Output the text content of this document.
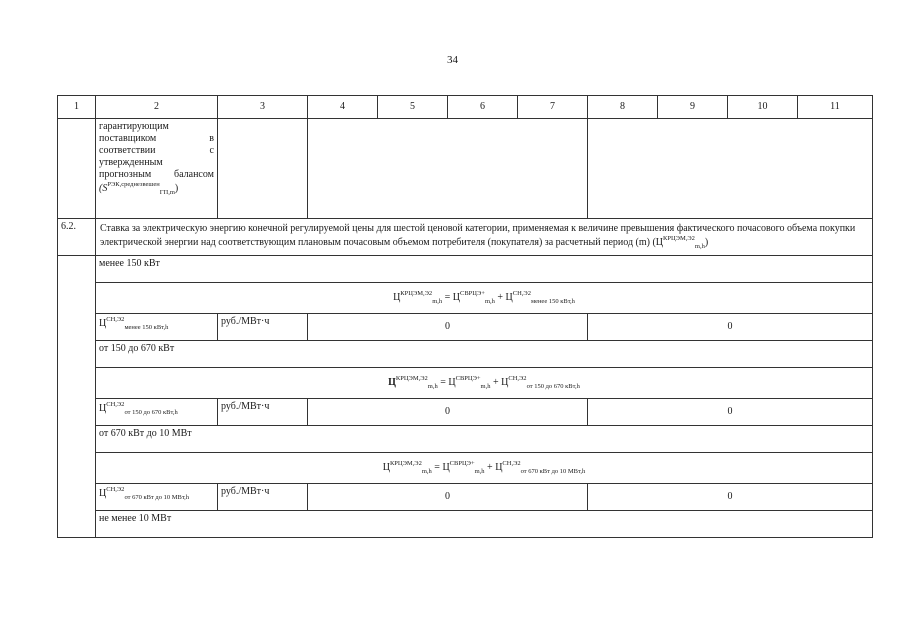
34
1	2	3	4	5	6	7	8	9	10	11
	гарантирующим поставщиком в соответствии с утвержденным прогнозным балансом $(S^{РЭК,среднезвешен}_{ГП,m})$									
6.2.	Ставка за электрическую энергию конечной регулируемой цены для шестой ценовой категории, применяемая к величине превышения фактического почасового объема покупки электрической энергии над соответствующим плановым почасовым объемом потребителя (покупателя) за расчетный период (m) $(Ц^{КРЦЭМ,Э2}_{m,h})$									
	менее 150 кВт									
	$Ц^{КРЦЭМ,Э2}_{m,h} = Ц^{СВРЦЭ+}_{m,h} + Ц^{СН,Э2}_{менее 150 кВт,h}$
	$Ц^{СН,Э2}_{менее 150 кВт,h}$	руб./МВт·ч	0				0			
	от 150 до 670 кВт									
	$Ц^{КРЦЭМ,Э2}_{m,h} = Ц^{СВРЦЭ+}_{m,h} + Ц^{СН,Э2}_{от 150 до 670 кВт,h}$
	$Ц^{СН,Э2}_{от 150 до 670 кВт,h}$	руб./МВт·ч	0				0			
	от 670 кВт до 10 МВт									
	$Ц^{КРЦЭМ,Э2}_{m,h} = Ц^{СВРЦЭ+}_{m,h} + Ц^{СН,Э2}_{от 670 кВт до 10 МВт,h}$
	$Ц^{СН,Э2}_{от 670 кВт до 10 МВт,h}$	руб./МВт·ч	0				0			
	не менее 10 МВт									
